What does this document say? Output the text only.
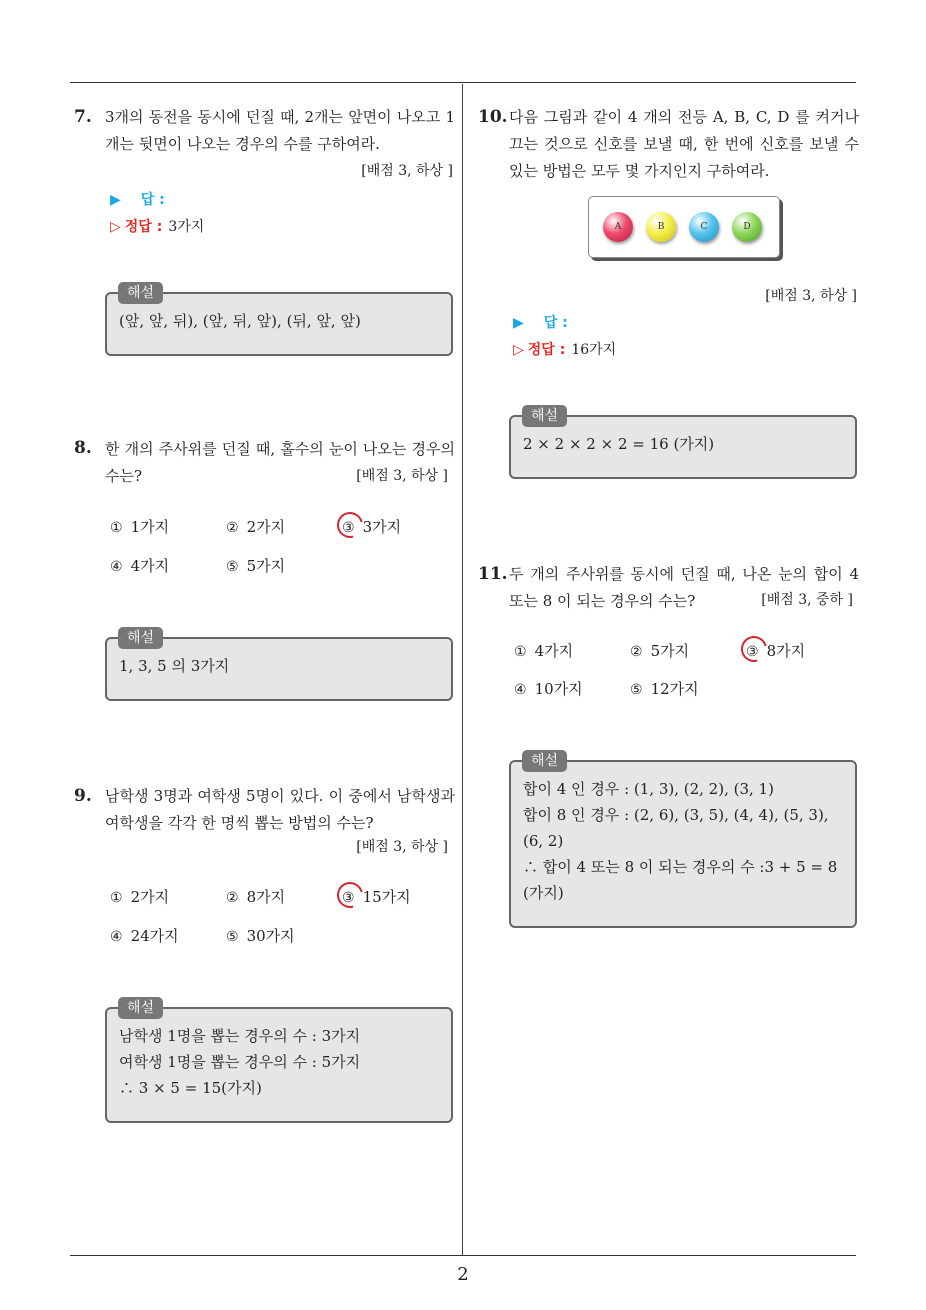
7. 3개의 동전을 동시에 던질 때, 2개는 앞면이 나오고 1개는 뒷면이 나오는 경우의 수를 구하여라.
[배점 3, 하상 ]
▶ 답 :
▷ 정답 : 3가지
(앞, 앞, 뒤), (앞, 뒤, 앞), (뒤, 앞, 앞)
해설
8. 한 개의 주사위를 던질 때, 홀수의 눈이 나오는 경우의 수는?	[배점 3, 하상 ]
① 1가지	② 2가지	③ 3가지
④ 4가지	⑤ 5가지
1, 3, 5 의 3가지
해설
9. 남학생 3명과 여학생 5명이 있다. 이 중에서 남학생과 여학생을 각각 한 명씩 뽑는 방법의 수는?
[배점 3, 하상 ]
① 2가지	② 8가지	③ 15가지
④ 24가지	⑤ 30가지
남학생 1명을 뽑는 경우의 수 : 3가지
여학생 1명을 뽑는 경우의 수 : 5가지
∴ 3 × 5 = 15(가지)
해설
10. 다음 그림과 같이 4 개의 전등 A, B, C, D 를 켜거나 끄는 것으로 신호를 보낼 때, 한 번에 신호를 보낼 수 있는 방법은 모두 몇 가지인지 구하여라.
A	B	C	D
[배점 3, 하상 ]
▶ 답 :
▷ 정답 : 16가지
2 × 2 × 2 × 2 = 16 (가지)
해설
11. 두 개의 주사위를 동시에 던질 때, 나온 눈의 합이 4 또는 8 이 되는 경우의 수는?	[배점 3, 중하 ]
① 4가지	② 5가지	③ 8가지
④ 10가지	⑤ 12가지
합이 4 인 경우 : (1, 3), (2, 2), (3, 1)
합이 8 인 경우 : (2, 6), (3, 5), (4, 4), (5, 3), (6, 2)
∴ 합이 4 또는 8 이 되는 경우의 수 :3 + 5 = 8 (가지)
해설
2
